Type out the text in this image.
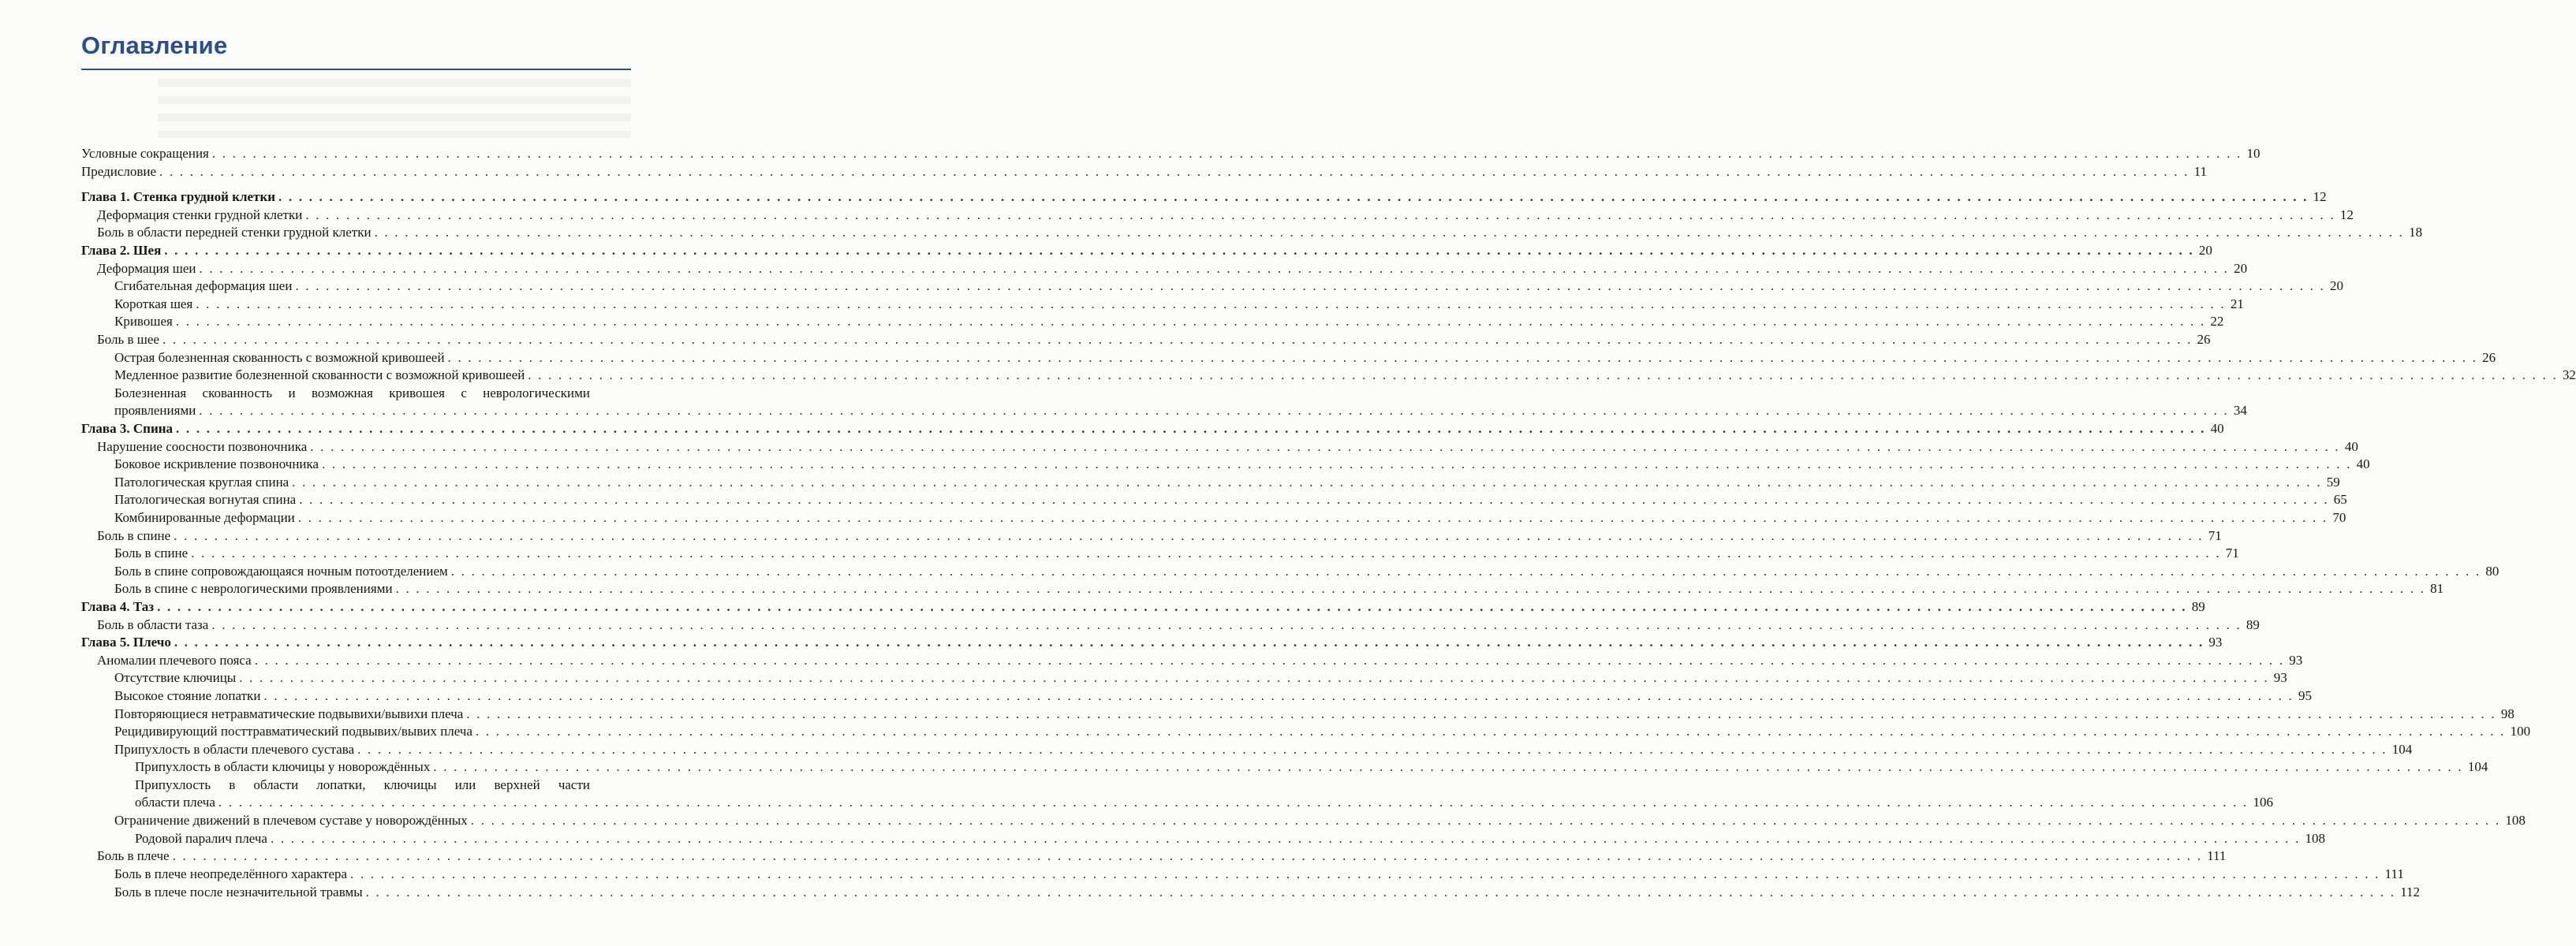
Оглавление
Условные сокращения . . . . . . . . . . . . . . . . . . . . . . . . . . . . . . . . . . . . . . . . . . . . . . . . . . . . . . . . . . . . . . . . . . . . . . . . . . . . . . . . . . . . . . . . . . . . . . . . . . . . . . . . . . . . . . . . . . . . . . . . . . . . . . . . . . . . . . . . . . . . . . . . . . . . . . . . . . . . . . . . . . . . . . . . . . . . . . . . . . . . . . . . . . . . . . . . . . . . . . . . 10
Предисловие . . . . . . . . . . . . . . . . . . . . . . . . . . . . . . . . . . . . . . . . . . . . . . . . . . . . . . . . . . . . . . . . . . . . . . . . . . . . . . . . . . . . . . . . . . . . . . . . . . . . . . . . . . . . . . . . . . . . . . . . . . . . . . . . . . . . . . . . . . . . . . . . . . . . . . . . . . . . . . . . . . . . . . . . . . . . . . . . . . . . . . . . . . . . . . . . . . . . . . . . 11
Глава 1. Стенка грудной клетки . . . . . . . . . . . . . . . . . . . . . . . . . . . . . . . . . . . . . . . . . . . . . . . . . . . . . . . . . . . . . . . . . . . . . . . . . . . . . . . . . . . . . . . . . . . . . . . . . . . . . . . . . . . . . . . . . . . . . . . . . . . . . . . . . . . . . . . . . . . . . . . . . . . . . . . . . . . . . . . . . . . . . . . . . . . . . . . . . . . . . . . . . . . . . . . . . . . . . . . . 12
Деформация стенки грудной клетки . . . . . . . . . . . . . . . . . . . . . . . . . . . . . . . . . . . . . . . . . . . . . . . . . . . . . . . . . . . . . . . . . . . . . . . . . . . . . . . . . . . . . . . . . . . . . . . . . . . . . . . . . . . . . . . . . . . . . . . . . . . . . . . . . . . . . . . . . . . . . . . . . . . . . . . . . . . . . . . . . . . . . . . . . . . . . . . . . . . . . . . . . . . . . . . . . . . . . . . . 12
Боль в области передней стенки грудной клетки . . . . . . . . . . . . . . . . . . . . . . . . . . . . . . . . . . . . . . . . . . . . . . . . . . . . . . . . . . . . . . . . . . . . . . . . . . . . . . . . . . . . . . . . . . . . . . . . . . . . . . . . . . . . . . . . . . . . . . . . . . . . . . . . . . . . . . . . . . . . . . . . . . . . . . . . . . . . . . . . . . . . . . . . . . . . . . . . . . . . . . . . . . . . . . . . . . . . . . . . 18
Глава 2. Шея . . . . . . . . . . . . . . . . . . . . . . . . . . . . . . . . . . . . . . . . . . . . . . . . . . . . . . . . . . . . . . . . . . . . . . . . . . . . . . . . . . . . . . . . . . . . . . . . . . . . . . . . . . . . . . . . . . . . . . . . . . . . . . . . . . . . . . . . . . . . . . . . . . . . . . . . . . . . . . . . . . . . . . . . . . . . . . . . . . . . . . . . . . . . . . . . . . . . . . . . 20
Деформация шеи . . . . . . . . . . . . . . . . . . . . . . . . . . . . . . . . . . . . . . . . . . . . . . . . . . . . . . . . . . . . . . . . . . . . . . . . . . . . . . . . . . . . . . . . . . . . . . . . . . . . . . . . . . . . . . . . . . . . . . . . . . . . . . . . . . . . . . . . . . . . . . . . . . . . . . . . . . . . . . . . . . . . . . . . . . . . . . . . . . . . . . . . . . . . . . . . . . . . . . . . 20
Сгибательная деформация шеи . . . . . . . . . . . . . . . . . . . . . . . . . . . . . . . . . . . . . . . . . . . . . . . . . . . . . . . . . . . . . . . . . . . . . . . . . . . . . . . . . . . . . . . . . . . . . . . . . . . . . . . . . . . . . . . . . . . . . . . . . . . . . . . . . . . . . . . . . . . . . . . . . . . . . . . . . . . . . . . . . . . . . . . . . . . . . . . . . . . . . . . . . . . . . . . . . . . . . . . . 20
Короткая шея . . . . . . . . . . . . . . . . . . . . . . . . . . . . . . . . . . . . . . . . . . . . . . . . . . . . . . . . . . . . . . . . . . . . . . . . . . . . . . . . . . . . . . . . . . . . . . . . . . . . . . . . . . . . . . . . . . . . . . . . . . . . . . . . . . . . . . . . . . . . . . . . . . . . . . . . . . . . . . . . . . . . . . . . . . . . . . . . . . . . . . . . . . . . . . . . . . . . . . . . 21
Кривошея . . . . . . . . . . . . . . . . . . . . . . . . . . . . . . . . . . . . . . . . . . . . . . . . . . . . . . . . . . . . . . . . . . . . . . . . . . . . . . . . . . . . . . . . . . . . . . . . . . . . . . . . . . . . . . . . . . . . . . . . . . . . . . . . . . . . . . . . . . . . . . . . . . . . . . . . . . . . . . . . . . . . . . . . . . . . . . . . . . . . . . . . . . . . . . . . . . . . . . . . 22
Боль в шее . . . . . . . . . . . . . . . . . . . . . . . . . . . . . . . . . . . . . . . . . . . . . . . . . . . . . . . . . . . . . . . . . . . . . . . . . . . . . . . . . . . . . . . . . . . . . . . . . . . . . . . . . . . . . . . . . . . . . . . . . . . . . . . . . . . . . . . . . . . . . . . . . . . . . . . . . . . . . . . . . . . . . . . . . . . . . . . . . . . . . . . . . . . . . . . . . . . . . . . . 26
Острая болезненная скованность с возможной кривошеей . . . . . . . . . . . . . . . . . . . . . . . . . . . . . . . . . . . . . . . . . . . . . . . . . . . . . . . . . . . . . . . . . . . . . . . . . . . . . . . . . . . . . . . . . . . . . . . . . . . . . . . . . . . . . . . . . . . . . . . . . . . . . . . . . . . . . . . . . . . . . . . . . . . . . . . . . . . . . . . . . . . . . . . . . . . . . . . . . . . . . . . . . . . . . . . . . . . . . . . . 26
Медленное развитие болезненной скованности с возможной кривошеей . . . . . . . . . . . . . . . . . . . . . . . . . . . . . . . . . . . . . . . . . . . . . . . . . . . . . . . . . . . . . . . . . . . . . . . . . . . . . . . . . . . . . . . . . . . . . . . . . . . . . . . . . . . . . . . . . . . . . . . . . . . . . . . . . . . . . . . . . . . . . . . . . . . . . . . . . . . . . . . . . . . . . . . . . . . . . . . . . . . . . . . . . . . . . . . . . . . . . . . . 32
Болезненная скованность и возможная кривошея с неврологическими
проявлениями . . . . . . . . . . . . . . . . . . . . . . . . . . . . . . . . . . . . . . . . . . . . . . . . . . . . . . . . . . . . . . . . . . . . . . . . . . . . . . . . . . . . . . . . . . . . . . . . . . . . . . . . . . . . . . . . . . . . . . . . . . . . . . . . . . . . . . . . . . . . . . . . . . . . . . . . . . . . . . . . . . . . . . . . . . . . . . . . . . . . . . . . . . . . . . . . . . . . . . . . 34
Глава 3. Спина . . . . . . . . . . . . . . . . . . . . . . . . . . . . . . . . . . . . . . . . . . . . . . . . . . . . . . . . . . . . . . . . . . . . . . . . . . . . . . . . . . . . . . . . . . . . . . . . . . . . . . . . . . . . . . . . . . . . . . . . . . . . . . . . . . . . . . . . . . . . . . . . . . . . . . . . . . . . . . . . . . . . . . . . . . . . . . . . . . . . . . . . . . . . . . . . . . . . . . . . 40
Нарушение соосности позвоночника . . . . . . . . . . . . . . . . . . . . . . . . . . . . . . . . . . . . . . . . . . . . . . . . . . . . . . . . . . . . . . . . . . . . . . . . . . . . . . . . . . . . . . . . . . . . . . . . . . . . . . . . . . . . . . . . . . . . . . . . . . . . . . . . . . . . . . . . . . . . . . . . . . . . . . . . . . . . . . . . . . . . . . . . . . . . . . . . . . . . . . . . . . . . . . . . . . . . . . . . 40
Боковое искривление позвоночника . . . . . . . . . . . . . . . . . . . . . . . . . . . . . . . . . . . . . . . . . . . . . . . . . . . . . . . . . . . . . . . . . . . . . . . . . . . . . . . . . . . . . . . . . . . . . . . . . . . . . . . . . . . . . . . . . . . . . . . . . . . . . . . . . . . . . . . . . . . . . . . . . . . . . . . . . . . . . . . . . . . . . . . . . . . . . . . . . . . . . . . . . . . . . . . . . . . . . . . . 40
Патологическая круглая спина . . . . . . . . . . . . . . . . . . . . . . . . . . . . . . . . . . . . . . . . . . . . . . . . . . . . . . . . . . . . . . . . . . . . . . . . . . . . . . . . . . . . . . . . . . . . . . . . . . . . . . . . . . . . . . . . . . . . . . . . . . . . . . . . . . . . . . . . . . . . . . . . . . . . . . . . . . . . . . . . . . . . . . . . . . . . . . . . . . . . . . . . . . . . . . . . . . . . . . . . 59
Патологическая вогнутая спина . . . . . . . . . . . . . . . . . . . . . . . . . . . . . . . . . . . . . . . . . . . . . . . . . . . . . . . . . . . . . . . . . . . . . . . . . . . . . . . . . . . . . . . . . . . . . . . . . . . . . . . . . . . . . . . . . . . . . . . . . . . . . . . . . . . . . . . . . . . . . . . . . . . . . . . . . . . . . . . . . . . . . . . . . . . . . . . . . . . . . . . . . . . . . . . . . . . . . . . . 65
Комбинированные деформации . . . . . . . . . . . . . . . . . . . . . . . . . . . . . . . . . . . . . . . . . . . . . . . . . . . . . . . . . . . . . . . . . . . . . . . . . . . . . . . . . . . . . . . . . . . . . . . . . . . . . . . . . . . . . . . . . . . . . . . . . . . . . . . . . . . . . . . . . . . . . . . . . . . . . . . . . . . . . . . . . . . . . . . . . . . . . . . . . . . . . . . . . . . . . . . . . . . . . . . . 70
Боль в спине . . . . . . . . . . . . . . . . . . . . . . . . . . . . . . . . . . . . . . . . . . . . . . . . . . . . . . . . . . . . . . . . . . . . . . . . . . . . . . . . . . . . . . . . . . . . . . . . . . . . . . . . . . . . . . . . . . . . . . . . . . . . . . . . . . . . . . . . . . . . . . . . . . . . . . . . . . . . . . . . . . . . . . . . . . . . . . . . . . . . . . . . . . . . . . . . . . . . . . . . 71
Боль в спине . . . . . . . . . . . . . . . . . . . . . . . . . . . . . . . . . . . . . . . . . . . . . . . . . . . . . . . . . . . . . . . . . . . . . . . . . . . . . . . . . . . . . . . . . . . . . . . . . . . . . . . . . . . . . . . . . . . . . . . . . . . . . . . . . . . . . . . . . . . . . . . . . . . . . . . . . . . . . . . . . . . . . . . . . . . . . . . . . . . . . . . . . . . . . . . . . . . . . . . . 71
Боль в спине сопровождающаяся ночным потоотделением . . . . . . . . . . . . . . . . . . . . . . . . . . . . . . . . . . . . . . . . . . . . . . . . . . . . . . . . . . . . . . . . . . . . . . . . . . . . . . . . . . . . . . . . . . . . . . . . . . . . . . . . . . . . . . . . . . . . . . . . . . . . . . . . . . . . . . . . . . . . . . . . . . . . . . . . . . . . . . . . . . . . . . . . . . . . . . . . . . . . . . . . . . . . . . . . . . . . . . . . 80
Боль в спине с неврологическими проявлениями . . . . . . . . . . . . . . . . . . . . . . . . . . . . . . . . . . . . . . . . . . . . . . . . . . . . . . . . . . . . . . . . . . . . . . . . . . . . . . . . . . . . . . . . . . . . . . . . . . . . . . . . . . . . . . . . . . . . . . . . . . . . . . . . . . . . . . . . . . . . . . . . . . . . . . . . . . . . . . . . . . . . . . . . . . . . . . . . . . . . . . . . . . . . . . . . . . . . . . . . 81
Глава 4. Таз . . . . . . . . . . . . . . . . . . . . . . . . . . . . . . . . . . . . . . . . . . . . . . . . . . . . . . . . . . . . . . . . . . . . . . . . . . . . . . . . . . . . . . . . . . . . . . . . . . . . . . . . . . . . . . . . . . . . . . . . . . . . . . . . . . . . . . . . . . . . . . . . . . . . . . . . . . . . . . . . . . . . . . . . . . . . . . . . . . . . . . . . . . . . . . . . . . . . . . . . 89
Боль в области таза . . . . . . . . . . . . . . . . . . . . . . . . . . . . . . . . . . . . . . . . . . . . . . . . . . . . . . . . . . . . . . . . . . . . . . . . . . . . . . . . . . . . . . . . . . . . . . . . . . . . . . . . . . . . . . . . . . . . . . . . . . . . . . . . . . . . . . . . . . . . . . . . . . . . . . . . . . . . . . . . . . . . . . . . . . . . . . . . . . . . . . . . . . . . . . . . . . . . . . . . 89
Глава 5. Плечо . . . . . . . . . . . . . . . . . . . . . . . . . . . . . . . . . . . . . . . . . . . . . . . . . . . . . . . . . . . . . . . . . . . . . . . . . . . . . . . . . . . . . . . . . . . . . . . . . . . . . . . . . . . . . . . . . . . . . . . . . . . . . . . . . . . . . . . . . . . . . . . . . . . . . . . . . . . . . . . . . . . . . . . . . . . . . . . . . . . . . . . . . . . . . . . . . . . . . . . . 93
Аномалии плечевого пояса . . . . . . . . . . . . . . . . . . . . . . . . . . . . . . . . . . . . . . . . . . . . . . . . . . . . . . . . . . . . . . . . . . . . . . . . . . . . . . . . . . . . . . . . . . . . . . . . . . . . . . . . . . . . . . . . . . . . . . . . . . . . . . . . . . . . . . . . . . . . . . . . . . . . . . . . . . . . . . . . . . . . . . . . . . . . . . . . . . . . . . . . . . . . . . . . . . . . . . . . 93
Отсутствие ключицы . . . . . . . . . . . . . . . . . . . . . . . . . . . . . . . . . . . . . . . . . . . . . . . . . . . . . . . . . . . . . . . . . . . . . . . . . . . . . . . . . . . . . . . . . . . . . . . . . . . . . . . . . . . . . . . . . . . . . . . . . . . . . . . . . . . . . . . . . . . . . . . . . . . . . . . . . . . . . . . . . . . . . . . . . . . . . . . . . . . . . . . . . . . . . . . . . . . . . . . . 93
Высокое стояние лопатки . . . . . . . . . . . . . . . . . . . . . . . . . . . . . . . . . . . . . . . . . . . . . . . . . . . . . . . . . . . . . . . . . . . . . . . . . . . . . . . . . . . . . . . . . . . . . . . . . . . . . . . . . . . . . . . . . . . . . . . . . . . . . . . . . . . . . . . . . . . . . . . . . . . . . . . . . . . . . . . . . . . . . . . . . . . . . . . . . . . . . . . . . . . . . . . . . . . . . . . . 95
Повторяющиеся нетравматические подвывихи/вывихи плеча . . . . . . . . . . . . . . . . . . . . . . . . . . . . . . . . . . . . . . . . . . . . . . . . . . . . . . . . . . . . . . . . . . . . . . . . . . . . . . . . . . . . . . . . . . . . . . . . . . . . . . . . . . . . . . . . . . . . . . . . . . . . . . . . . . . . . . . . . . . . . . . . . . . . . . . . . . . . . . . . . . . . . . . . . . . . . . . . . . . . . . . . . . . . . . . . . . . . . . . . 98
Рецидивирующий посттравматический подвывих/вывих плеча . . . . . . . . . . . . . . . . . . . . . . . . . . . . . . . . . . . . . . . . . . . . . . . . . . . . . . . . . . . . . . . . . . . . . . . . . . . . . . . . . . . . . . . . . . . . . . . . . . . . . . . . . . . . . . . . . . . . . . . . . . . . . . . . . . . . . . . . . . . . . . . . . . . . . . . . . . . . . . . . . . . . . . . . . . . . . . . . . . . . . . . . . . . . . . . . . . . . . . . . 100
Припухлость в области плечевого сустава . . . . . . . . . . . . . . . . . . . . . . . . . . . . . . . . . . . . . . . . . . . . . . . . . . . . . . . . . . . . . . . . . . . . . . . . . . . . . . . . . . . . . . . . . . . . . . . . . . . . . . . . . . . . . . . . . . . . . . . . . . . . . . . . . . . . . . . . . . . . . . . . . . . . . . . . . . . . . . . . . . . . . . . . . . . . . . . . . . . . . . . . . . . . . . . . . . . . . . . . 104
Припухлость в области ключицы у новорождённых . . . . . . . . . . . . . . . . . . . . . . . . . . . . . . . . . . . . . . . . . . . . . . . . . . . . . . . . . . . . . . . . . . . . . . . . . . . . . . . . . . . . . . . . . . . . . . . . . . . . . . . . . . . . . . . . . . . . . . . . . . . . . . . . . . . . . . . . . . . . . . . . . . . . . . . . . . . . . . . . . . . . . . . . . . . . . . . . . . . . . . . . . . . . . . . . . . . . . . . . 104
Припухлость в области лопатки, ключицы или верхней части
области плеча . . . . . . . . . . . . . . . . . . . . . . . . . . . . . . . . . . . . . . . . . . . . . . . . . . . . . . . . . . . . . . . . . . . . . . . . . . . . . . . . . . . . . . . . . . . . . . . . . . . . . . . . . . . . . . . . . . . . . . . . . . . . . . . . . . . . . . . . . . . . . . . . . . . . . . . . . . . . . . . . . . . . . . . . . . . . . . . . . . . . . . . . . . . . . . . . . . . . . . . . 106
Ограничение движений в плечевом суставе у новорождённых . . . . . . . . . . . . . . . . . . . . . . . . . . . . . . . . . . . . . . . . . . . . . . . . . . . . . . . . . . . . . . . . . . . . . . . . . . . . . . . . . . . . . . . . . . . . . . . . . . . . . . . . . . . . . . . . . . . . . . . . . . . . . . . . . . . . . . . . . . . . . . . . . . . . . . . . . . . . . . . . . . . . . . . . . . . . . . . . . . . . . . . . . . . . . . . . . . . . . . . . 108
Родовой паралич плеча . . . . . . . . . . . . . . . . . . . . . . . . . . . . . . . . . . . . . . . . . . . . . . . . . . . . . . . . . . . . . . . . . . . . . . . . . . . . . . . . . . . . . . . . . . . . . . . . . . . . . . . . . . . . . . . . . . . . . . . . . . . . . . . . . . . . . . . . . . . . . . . . . . . . . . . . . . . . . . . . . . . . . . . . . . . . . . . . . . . . . . . . . . . . . . . . . . . . . . . . 108
Боль в плече . . . . . . . . . . . . . . . . . . . . . . . . . . . . . . . . . . . . . . . . . . . . . . . . . . . . . . . . . . . . . . . . . . . . . . . . . . . . . . . . . . . . . . . . . . . . . . . . . . . . . . . . . . . . . . . . . . . . . . . . . . . . . . . . . . . . . . . . . . . . . . . . . . . . . . . . . . . . . . . . . . . . . . . . . . . . . . . . . . . . . . . . . . . . . . . . . . . . . . . . 111
Боль в плече неопределённого характера . . . . . . . . . . . . . . . . . . . . . . . . . . . . . . . . . . . . . . . . . . . . . . . . . . . . . . . . . . . . . . . . . . . . . . . . . . . . . . . . . . . . . . . . . . . . . . . . . . . . . . . . . . . . . . . . . . . . . . . . . . . . . . . . . . . . . . . . . . . . . . . . . . . . . . . . . . . . . . . . . . . . . . . . . . . . . . . . . . . . . . . . . . . . . . . . . . . . . . . . 111
Боль в плече после незначительной травмы . . . . . . . . . . . . . . . . . . . . . . . . . . . . . . . . . . . . . . . . . . . . . . . . . . . . . . . . . . . . . . . . . . . . . . . . . . . . . . . . . . . . . . . . . . . . . . . . . . . . . . . . . . . . . . . . . . . . . . . . . . . . . . . . . . . . . . . . . . . . . . . . . . . . . . . . . . . . . . . . . . . . . . . . . . . . . . . . . . . . . . . . . . . . . . . . . . . . . . . . 112
